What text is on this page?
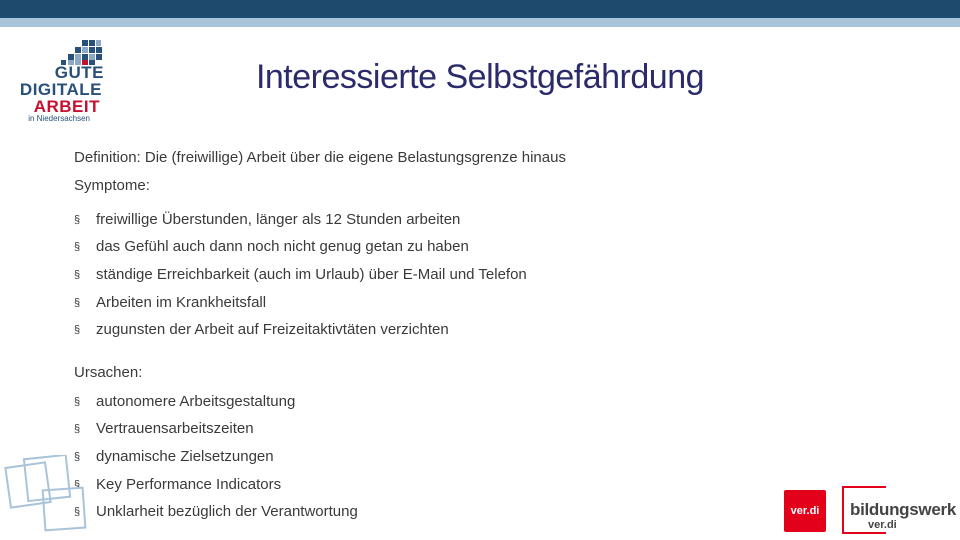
GUTE
DIGITALE
ARBEIT
in Niedersachsen
Interessierte Selbstgefährdung
Definition: Die (freiwillige) Arbeit über die eigene Belastungsgrenze hinaus
Symptome:
§ freiwillige Überstunden, länger als 12 Stunden arbeiten
§ das Gefühl auch dann noch nicht genug getan zu haben
§ ständige Erreichbarkeit (auch im Urlaub) über E-Mail und Telefon
§ Arbeiten im Krankheitsfall
§ zugunsten der Arbeit auf Freizeitaktivtäten verzichten
Ursachen:
§ autonomere Arbeitsgestaltung
§ Vertrauensarbeitszeiten
§ dynamische Zielsetzungen
§ Key Performance Indicators
§ Unklarheit bezüglich der Verantwortung	ver.di	bildungswerk
ver.di
